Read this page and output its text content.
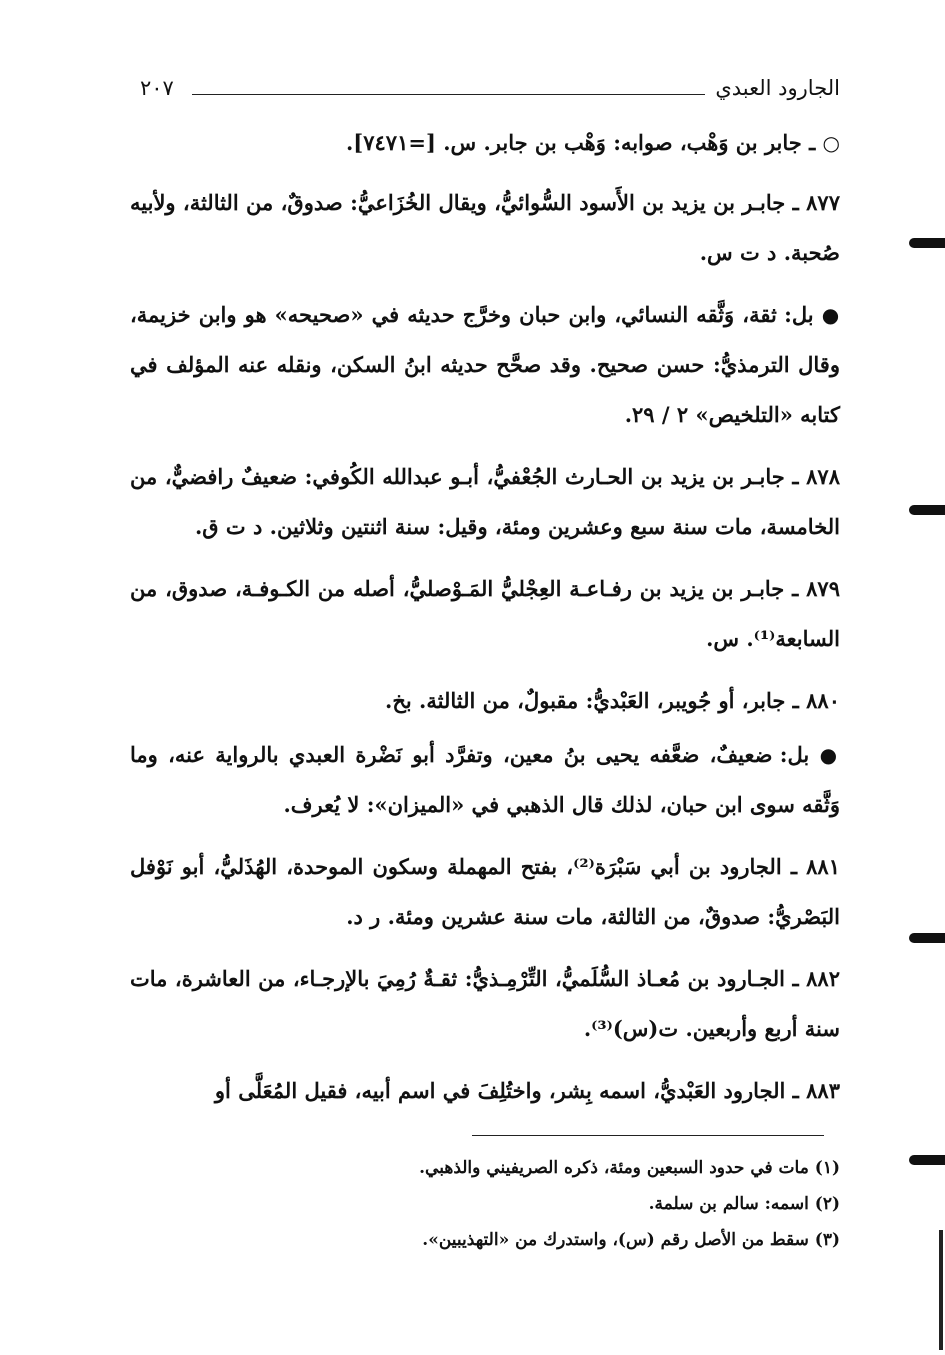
الجارود العبدي
٢٠٧

○ ـ جابر بن وَهْب، صوابه: وَهْب بن جابر. س. [=٧٤٧١].

٨٧٧ ـ جابـر بن يزيد بن الأَسود السُّوائيُّ، ويقال الخُزَاعيُّ: صدوقٌ، من الثالثة، ولأبيه صُحبة. د ت س.

● بل: ثقة، وَثَّقه النسائي، وابن حبان وخرَّج حديثه في «صحيحه» هو وابن خزيمة، وقال الترمذيُّ: حسن صحيح. وقد صحَّح حديثه ابنُ السكن، ونقله عنه المؤلف في كتابه «التلخيص» ٢ / ٢٩.

٨٧٨ ـ جابـر بن يزيد بن الحـارث الجُعْفيُّ، أبـو عبدالله الكُوفي: ضعيفٌ رافضيٌّ، من الخامسة، مات سنة سبع وعشرين ومئة، وقيل: سنة اثنتين وثلاثين. د ت ق.

٨٧٩ ـ جابـر بن يزيد بن رفـاعـة العِجْليُّ المَـوْصليُّ، أصله من الكـوفـة، صدوق، من السابعة⁽¹⁾. س.

٨٨٠ ـ جابر، أو جُويبر، العَبْديُّ: مقبولٌ، من الثالثة. بخ.

● بل: ضعيفٌ، ضعَّفه يحيى بنُ معين، وتفرَّد أبو نَضْرة العبدي بالرواية عنه، وما وَثَّقه سوى ابن حبان، لذلك قال الذهبي في «الميزان»: لا يُعرف.

٨٨١ ـ الجارود بن أبي سَبْرَة⁽²⁾، بفتح المهملة وسكون الموحدة، الهُذَليُّ، أبو نَوْفل البَصْريُّ: صدوقٌ، من الثالثة، مات سنة عشرين ومئة. ر د.

٨٨٢ ـ الجـارود بن مُعـاذ السُّلَميُّ، التِّرْمِـذيُّ: ثقـةٌ رُمِيَ بالإرجـاء، من العاشرة، مات سنة أربع وأربعين. ت(س)⁽³⁾.

٨٨٣ ـ الجارود العَبْديُّ، اسمه بِشر، واختُلِفَ في اسم أبيه، فقيل المُعَلَّى أو

(١) مات في حدود السبعين ومئة، ذكره الصريفيني والذهبي.

(٢) اسمه: سالم بن سلمة.

(٣) سقط من الأصل رقم (س)، واستدرك من «التهذيبين».
